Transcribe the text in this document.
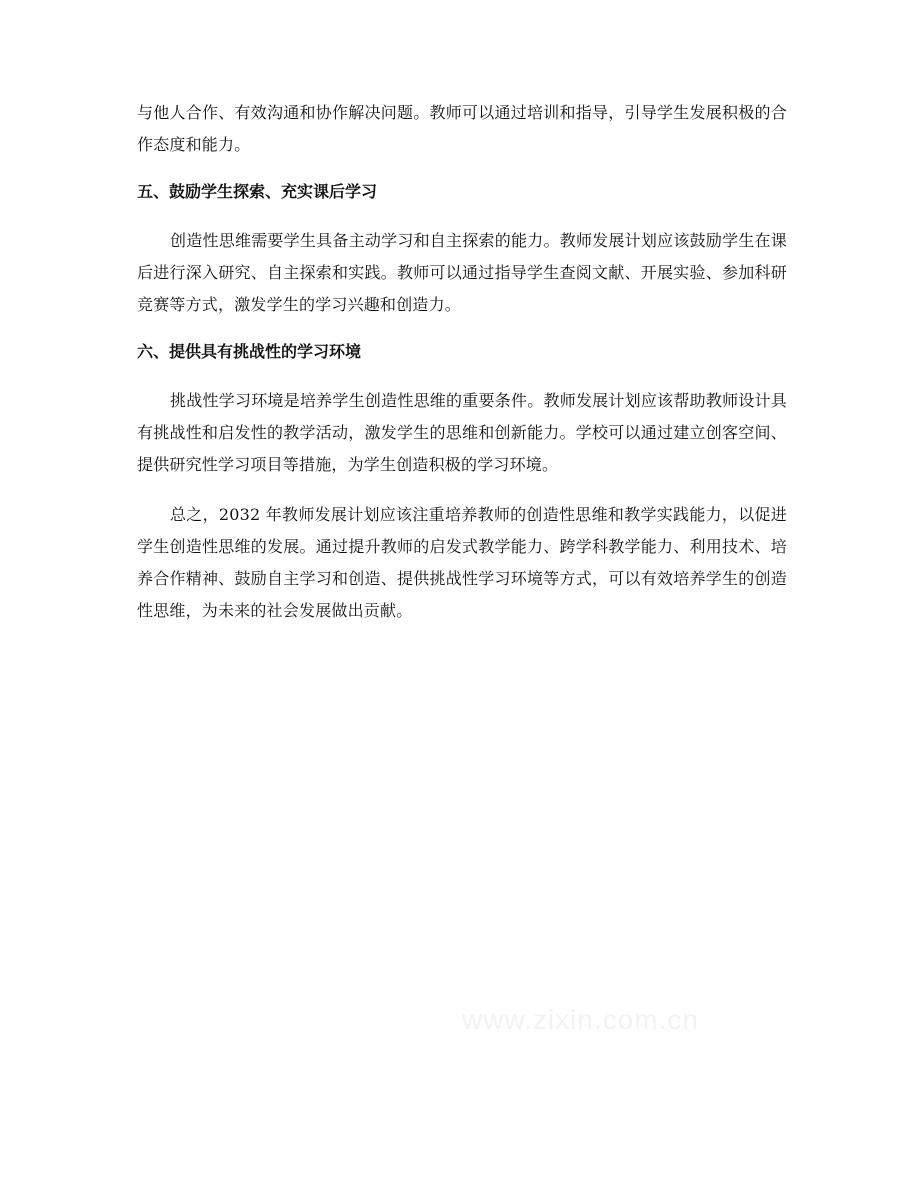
与他人合作、有效沟通和协作解决问题。教师可以通过培训和指导，引导学生发展积极的合作态度和能力。

五、鼓励学生探索、充实课后学习

创造性思维需要学生具备主动学习和自主探索的能力。教师发展计划应该鼓励学生在课后进行深入研究、自主探索和实践。教师可以通过指导学生查阅文献、开展实验、参加科研竞赛等方式，激发学生的学习兴趣和创造力。

六、提供具有挑战性的学习环境

挑战性学习环境是培养学生创造性思维的重要条件。教师发展计划应该帮助教师设计具有挑战性和启发性的教学活动，激发学生的思维和创新能力。学校可以通过建立创客空间、提供研究性学习项目等措施，为学生创造积极的学习环境。

总之，2032 年教师发展计划应该注重培养教师的创造性思维和教学实践能力，以促进学生创造性思维的发展。通过提升教师的启发式教学能力、跨学科教学能力、利用技术、培养合作精神、鼓励自主学习和创造、提供挑战性学习环境等方式，可以有效培养学生的创造性思维，为未来的社会发展做出贡献。

www.zixin.com.cn
